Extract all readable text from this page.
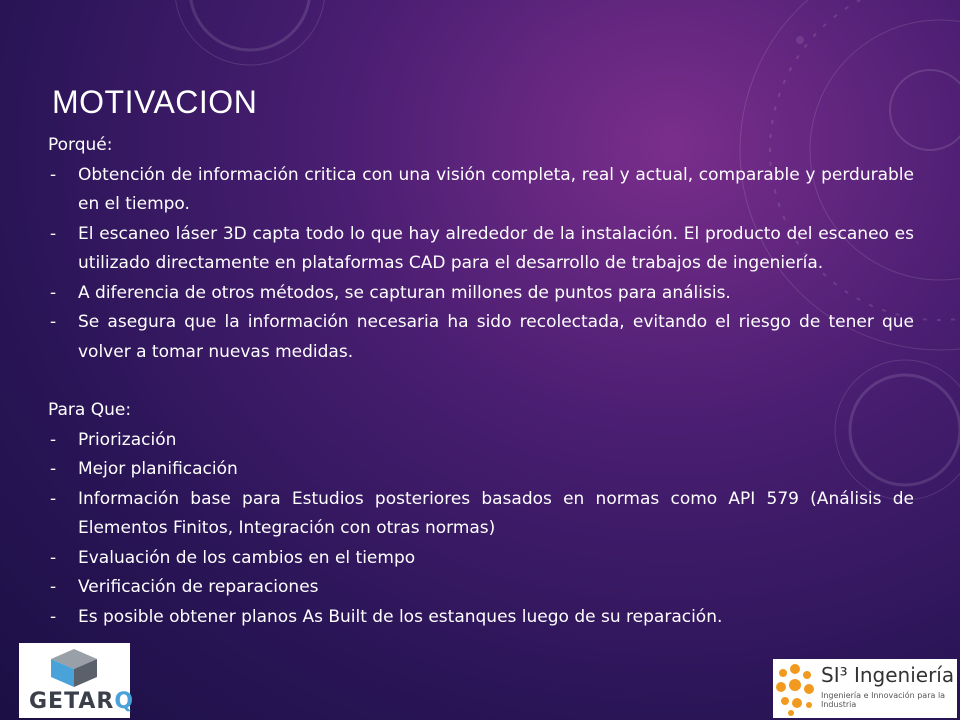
MOTIVACION

Porqué:

- Obtención de información critica con una visión completa, real y actual, comparable y perdurable en el tiempo.
- El escaneo láser 3D capta todo lo que hay alrededor de la instalación. El producto del escaneo es utilizado directamente en plataformas CAD para el desarrollo de trabajos de ingeniería.
- A diferencia de otros métodos, se capturan millones de puntos para análisis.
- Se asegura que la información necesaria ha sido recolectada, evitando el riesgo de tener que volver a tomar nuevas medidas.

Para Que:

- Priorización
- Mejor planificación
- Información base para Estudios posteriores basados en normas como API 579 (Análisis de Elementos Finitos, Integración con otras normas)
- Evaluación de los cambios en el tiempo
- Verificación de reparaciones
- Es posible obtener planos As Built de los estanques luego de su reparación.
GETARQ
SI³ Ingeniería
Ingeniería e Innovación para la Industria
